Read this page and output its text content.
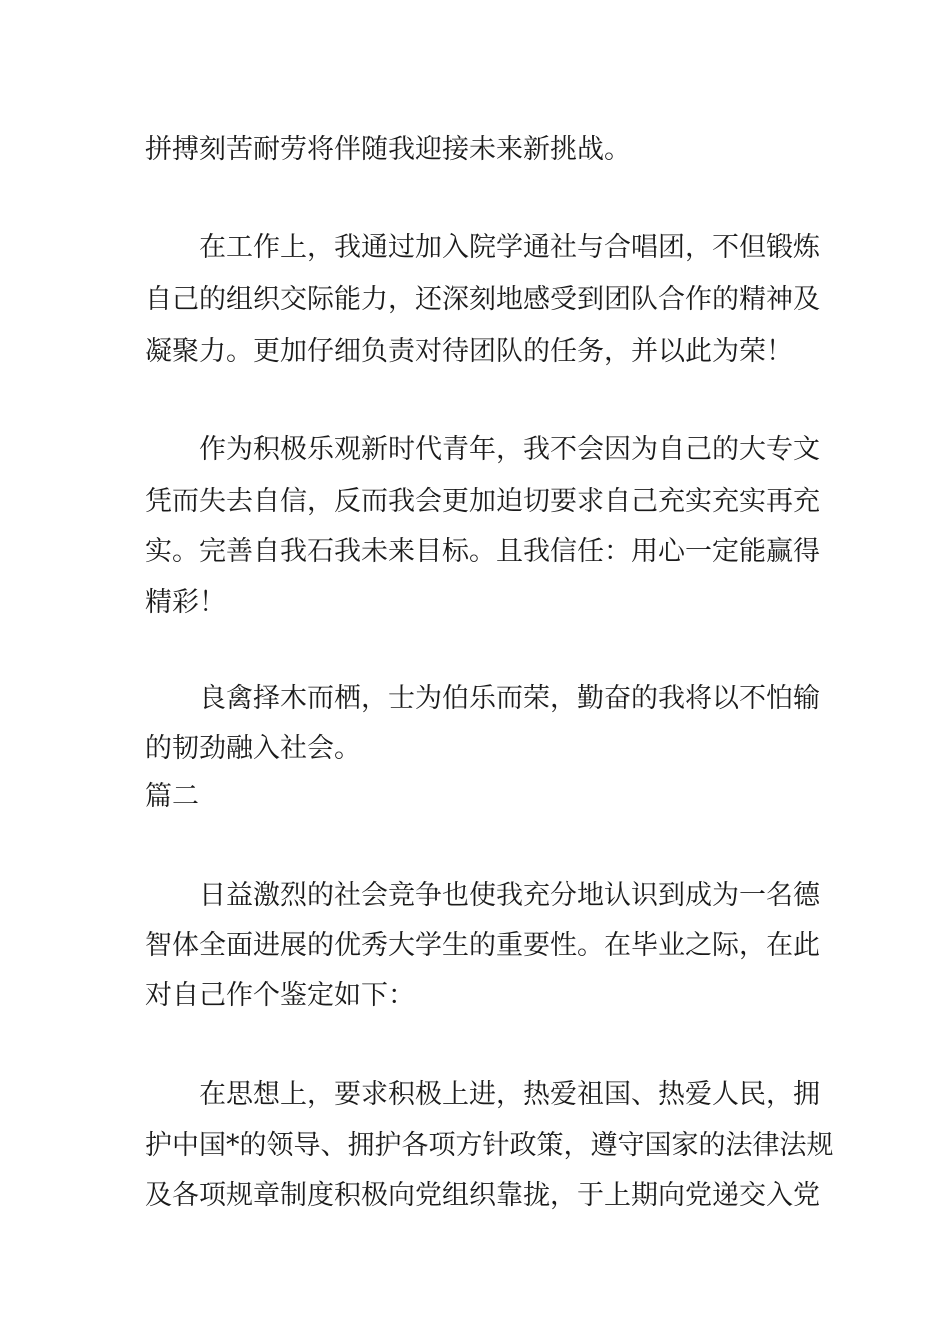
拼搏刻苦耐劳将伴随我迎接未来新挑战。
在工作上，我通过加入院学通社与合唱团，不但锻炼
自己的组织交际能力，还深刻地感受到团队合作的精神及
凝聚力。更加仔细负责对待团队的任务，并以此为荣！
作为积极乐观新时代青年，我不会因为自己的大专文
凭而失去自信，反而我会更加迫切要求自己充实充实再充
实。完善自我石我未来目标。且我信任：用心一定能赢得
精彩！
良禽择木而栖，士为伯乐而荣，勤奋的我将以不怕输
的韧劲融入社会。
篇二
日益激烈的社会竞争也使我充分地认识到成为一名德
智体全面进展的优秀大学生的重要性。在毕业之际，在此
对自己作个鉴定如下：
在思想上，要求积极上进，热爱祖国、热爱人民，拥
护中国*的领导、拥护各项方针政策，遵守国家的法律法规
及各项规章制度积极向党组织靠拢，于上期向党递交入党
